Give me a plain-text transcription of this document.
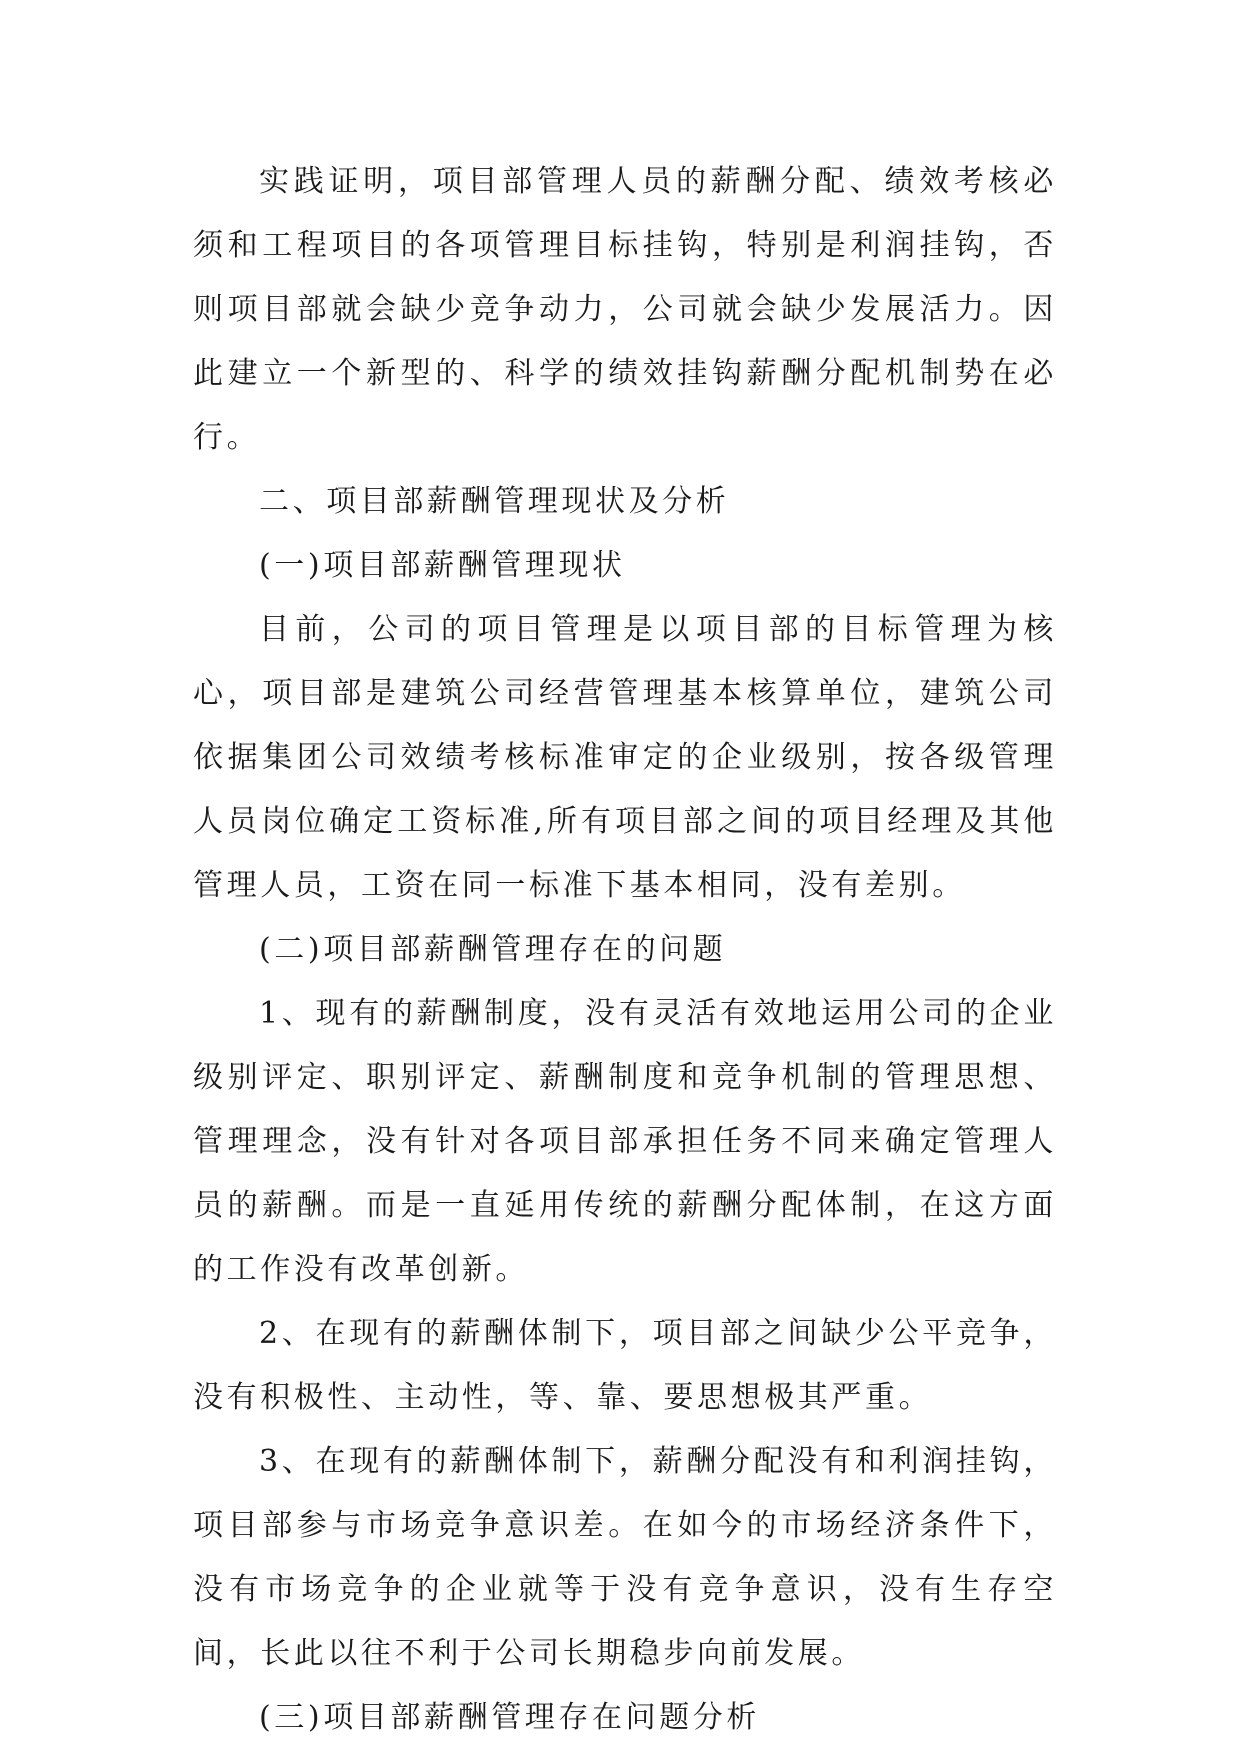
实践证明，项目部管理人员的薪酬分配、绩效考核必须和工程项目的各项管理目标挂钩，特别是利润挂钩，否则项目部就会缺少竞争动力，公司就会缺少发展活力。因此建立一个新型的、科学的绩效挂钩薪酬分配机制势在必行。

二、项目部薪酬管理现状及分析

(一)项目部薪酬管理现状

目前，公司的项目管理是以项目部的目标管理为核心，项目部是建筑公司经营管理基本核算单位，建筑公司依据集团公司效绩考核标准审定的企业级别，按各级管理人员岗位确定工资标准,所有项目部之间的项目经理及其他管理人员，工资在同一标准下基本相同，没有差别。

(二)项目部薪酬管理存在的问题

1、现有的薪酬制度，没有灵活有效地运用公司的企业级别评定、职别评定、薪酬制度和竞争机制的管理思想、管理理念，没有针对各项目部承担任务不同来确定管理人员的薪酬。而是一直延用传统的薪酬分配体制，在这方面的工作没有改革创新。

2、在现有的薪酬体制下，项目部之间缺少公平竞争，没有积极性、主动性，等、靠、要思想极其严重。

3、在现有的薪酬体制下，薪酬分配没有和利润挂钩，项目部参与市场竞争意识差。在如今的市场经济条件下，没有市场竞争的企业就等于没有竞争意识，没有生存空间，长此以往不利于公司长期稳步向前发展。

(三)项目部薪酬管理存在问题分析
